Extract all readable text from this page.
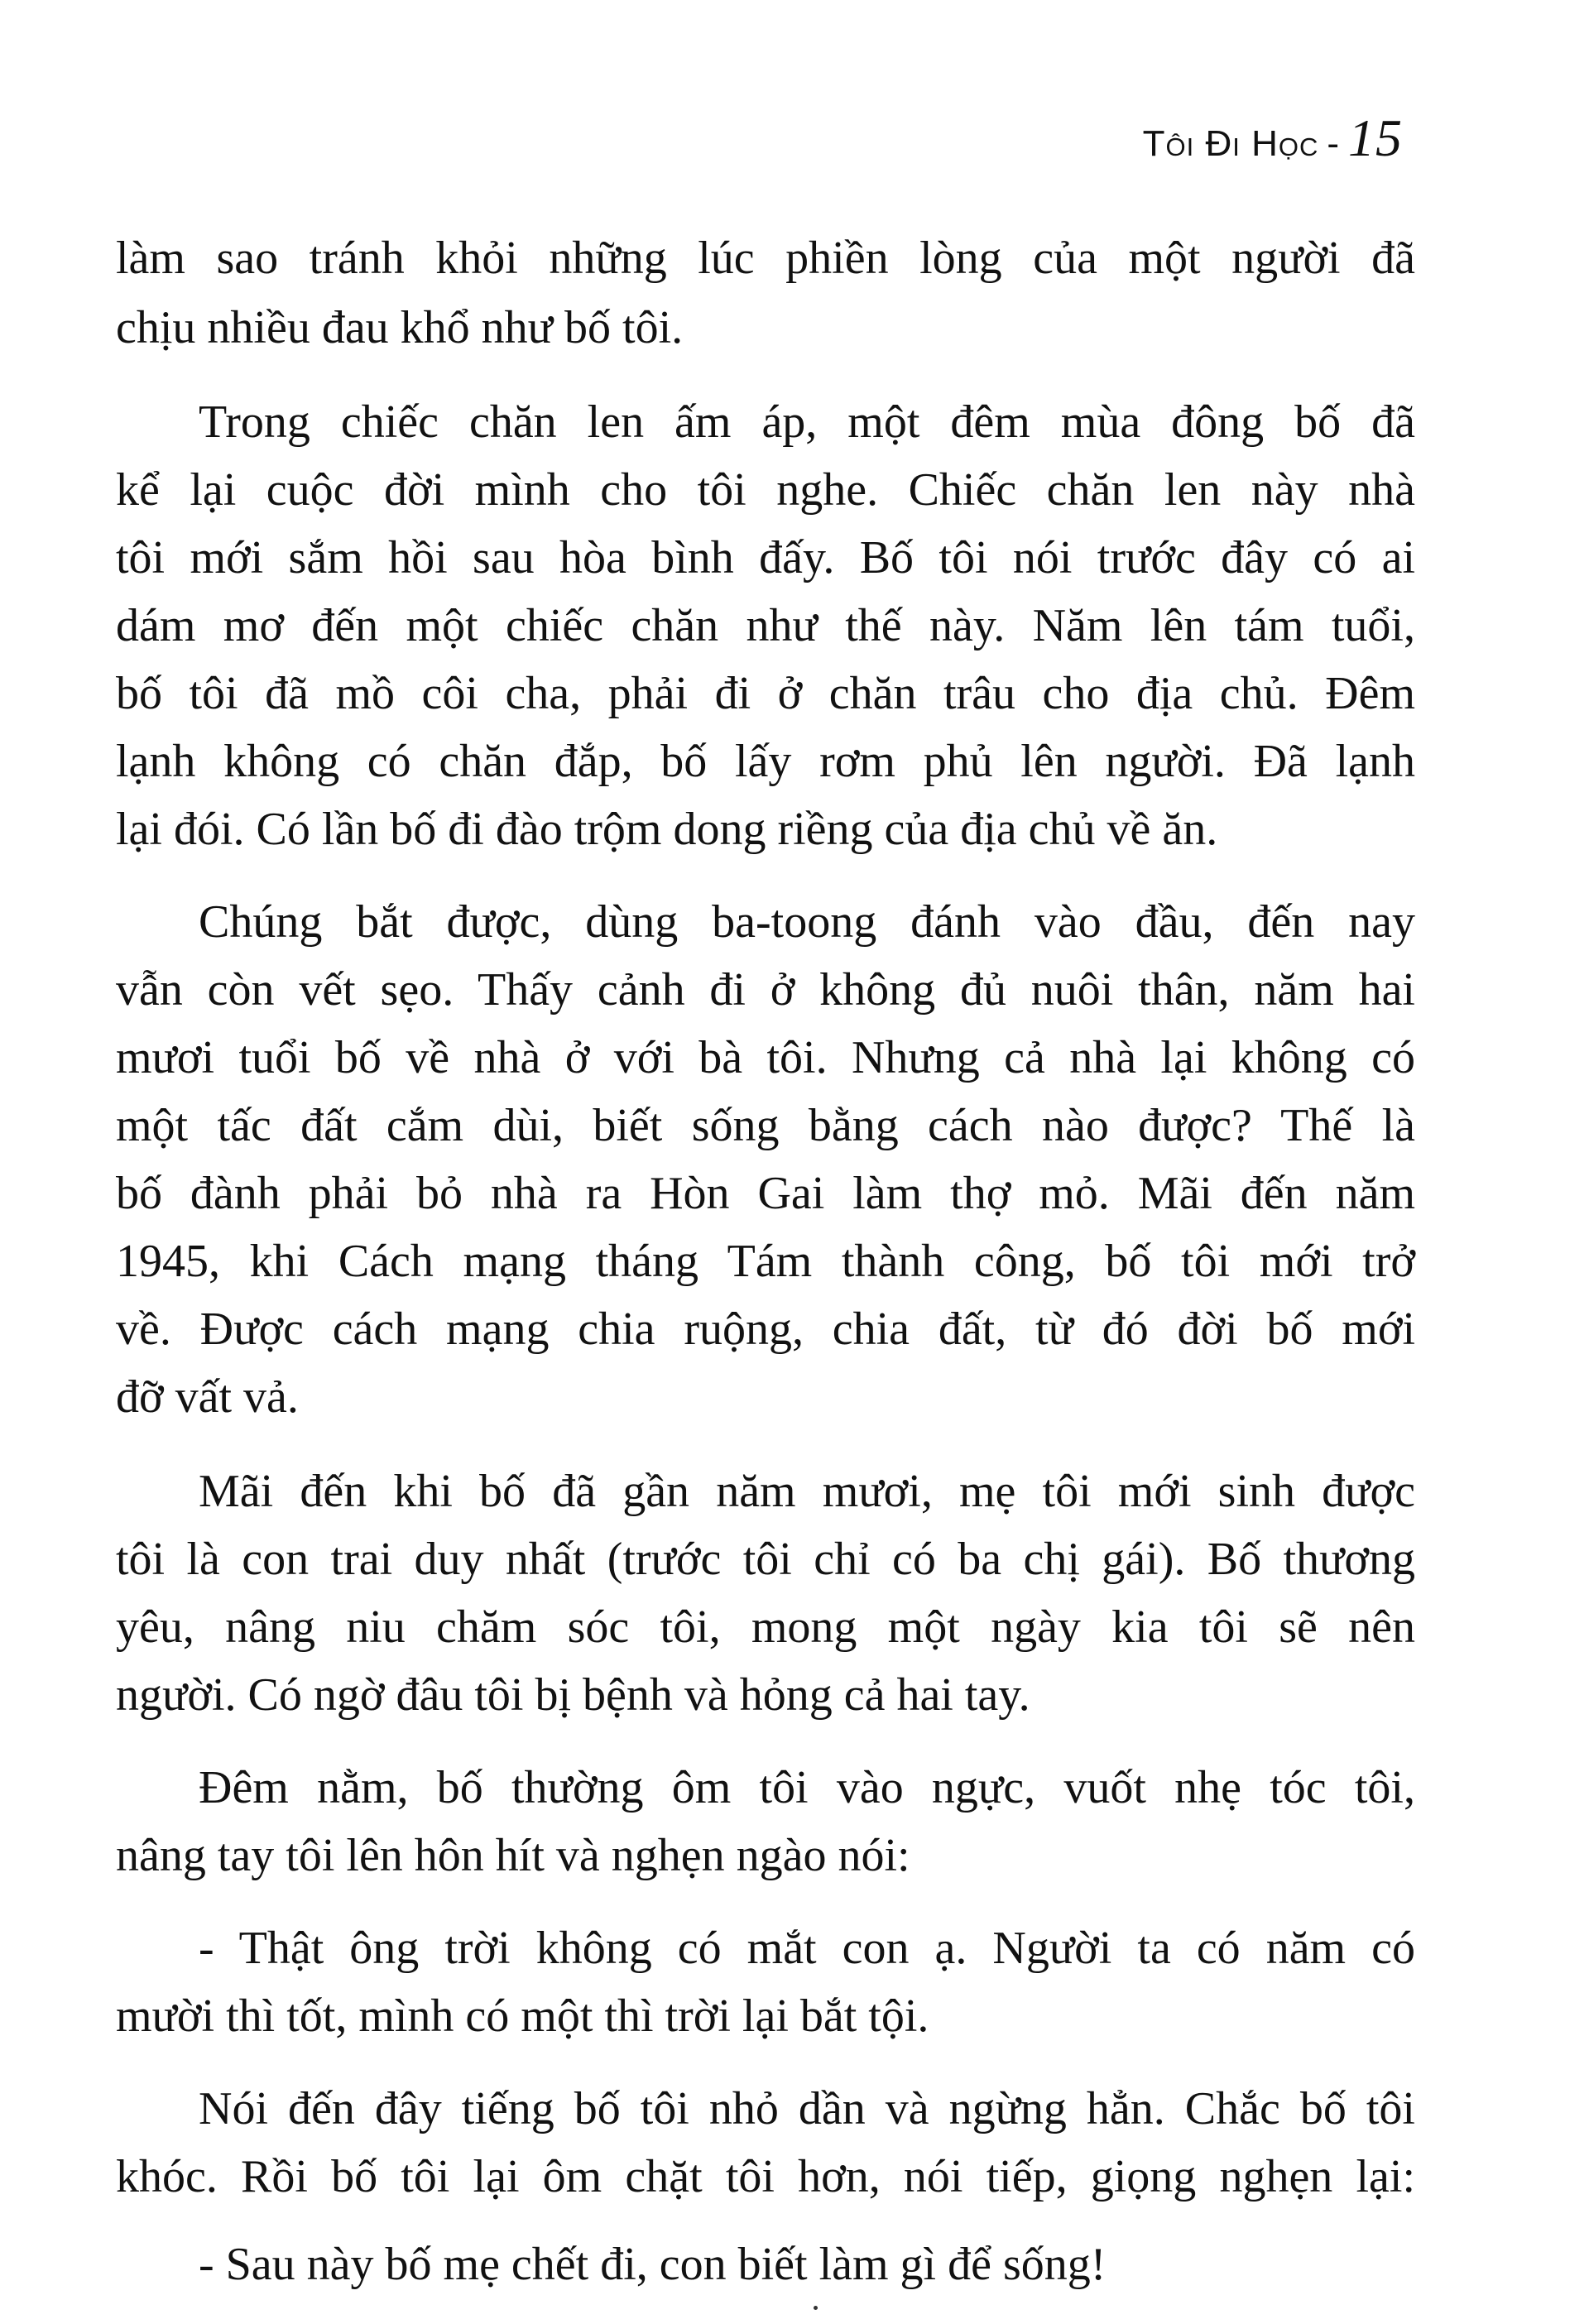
Tôi Đi Học - 15
làm sao tránh khỏi những lúc phiền lòng của một người đã
chịu nhiều đau khổ như bố tôi.
Trong chiếc chăn len ấm áp, một đêm mùa đông bố đã
kể lại cuộc đời mình cho tôi nghe. Chiếc chăn len này nhà
tôi mới sắm hồi sau hòa bình đấy. Bố tôi nói trước đây có ai
dám mơ đến một chiếc chăn như thế này. Năm lên tám tuổi,
bố tôi đã mồ côi cha, phải đi ở chăn trâu cho địa chủ. Đêm
lạnh không có chăn đắp, bố lấy rơm phủ lên người. Đã lạnh
lại đói. Có lần bố đi đào trộm dong riềng của địa chủ về ăn.
Chúng bắt được, dùng ba-toong đánh vào đầu, đến nay
vẫn còn vết sẹo. Thấy cảnh đi ở không đủ nuôi thân, năm hai
mươi tuổi bố về nhà ở với bà tôi. Nhưng cả nhà lại không có
một tấc đất cắm dùi, biết sống bằng cách nào được? Thế là
bố đành phải bỏ nhà ra Hòn Gai làm thợ mỏ. Mãi đến năm
1945, khi Cách mạng tháng Tám thành công, bố tôi mới trở
về. Được cách mạng chia ruộng, chia đất, từ đó đời bố mới
đỡ vất vả.
Mãi đến khi bố đã gần năm mươi, mẹ tôi mới sinh được
tôi là con trai duy nhất (trước tôi chỉ có ba chị gái). Bố thương
yêu, nâng niu chăm sóc tôi, mong một ngày kia tôi sẽ nên
người. Có ngờ đâu tôi bị bệnh và hỏng cả hai tay.
Đêm nằm, bố thường ôm tôi vào ngực, vuốt nhẹ tóc tôi,
nâng tay tôi lên hôn hít và nghẹn ngào nói:
- Thật ông trời không có mắt con ạ. Người ta có năm có
mười thì tốt, mình có một thì trời lại bắt tội.
Nói đến đây tiếng bố tôi nhỏ dần và ngừng hẳn. Chắc bố tôi
khóc. Rồi bố tôi lại ôm chặt tôi hơn, nói tiếp, giọng nghẹn lại:
- Sau này bố mẹ chết đi, con biết làm gì để sống!
